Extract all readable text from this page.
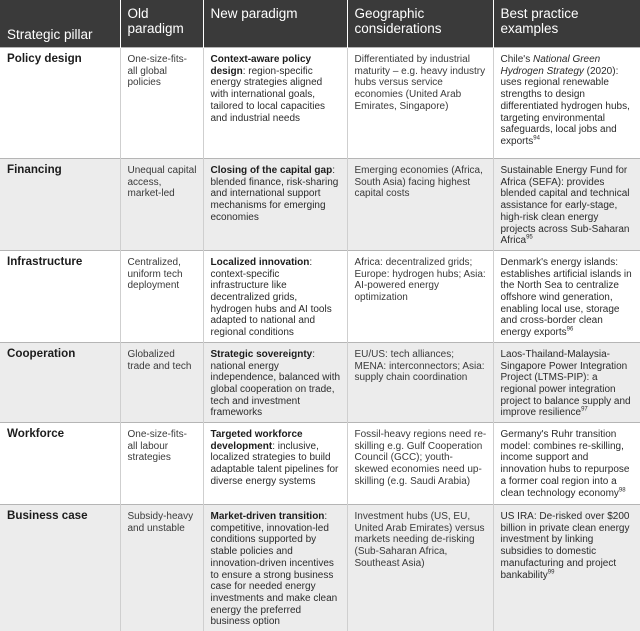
Strategic pillar	Old paradigm	New paradigm	Geographic considerations	Best practice examples
Policy design	One-size-fits-all global policies	Context-aware policy design: region-specific energy strategies aligned with international goals, tailored to local capacities and industrial needs	Differentiated by industrial maturity – e.g. heavy industry hubs versus service economies (United Arab Emirates, Singapore)	Chile's National Green Hydrogen Strategy (2020): uses regional renewable strengths to design differentiated hydrogen hubs, targeting environmental safeguards, local jobs and exports$^{94}$
Financing	Unequal capital access, market-led	Closing of the capital gap: blended finance, risk-sharing and international support mechanisms for emerging economies	Emerging economies (Africa, South Asia) facing highest capital costs	Sustainable Energy Fund for Africa (SEFA): provides blended capital and technical assistance for early-stage, high-risk clean energy projects across Sub-Saharan Africa$^{95}$
Infrastructure	Centralized, uniform tech deployment	Localized innovation: context-specific infrastructure like decentralized grids, hydrogen hubs and AI tools adapted to national and regional conditions	Africa: decentralized grids; Europe: hydrogen hubs; Asia: AI-powered energy optimization	Denmark's energy islands: establishes artificial islands in the North Sea to centralize offshore wind generation, enabling local use, storage and cross-border clean energy exports$^{96}$
Cooperation	Globalized trade and tech	Strategic sovereignty: national energy independence, balanced with global cooperation on trade, tech and investment frameworks	EU/US: tech alliances; MENA: interconnectors; Asia: supply chain coordination	Laos-Thailand-Malaysia-Singapore Power Integration Project (LTMS-PIP): a regional power integration project to balance supply and improve resilience$^{97}$
Workforce	One-size-fits-all labour strategies	Targeted workforce development: inclusive, localized strategies to build adaptable talent pipelines for diverse energy systems	Fossil-heavy regions need re-skilling e.g. Gulf Cooperation Council (GCC); youth-skewed economies need up-skilling (e.g. Saudi Arabia)	Germany's Ruhr transition model: combines re-skilling, income support and innovation hubs to repurpose a former coal region into a clean technology economy$^{98}$
Business case	Subsidy-heavy and unstable	Market-driven transition: competitive, innovation-led conditions supported by stable policies and innovation-driven incentives to ensure a strong business case for needed energy investments and make clean energy the preferred business option	Investment hubs (US, EU, United Arab Emirates) versus markets needing de-risking (Sub-Saharan Africa, Southeast Asia)	US IRA: De-risked over $200 billion in private clean energy investment by linking subsidies to domestic manufacturing and project bankability$^{99}$
